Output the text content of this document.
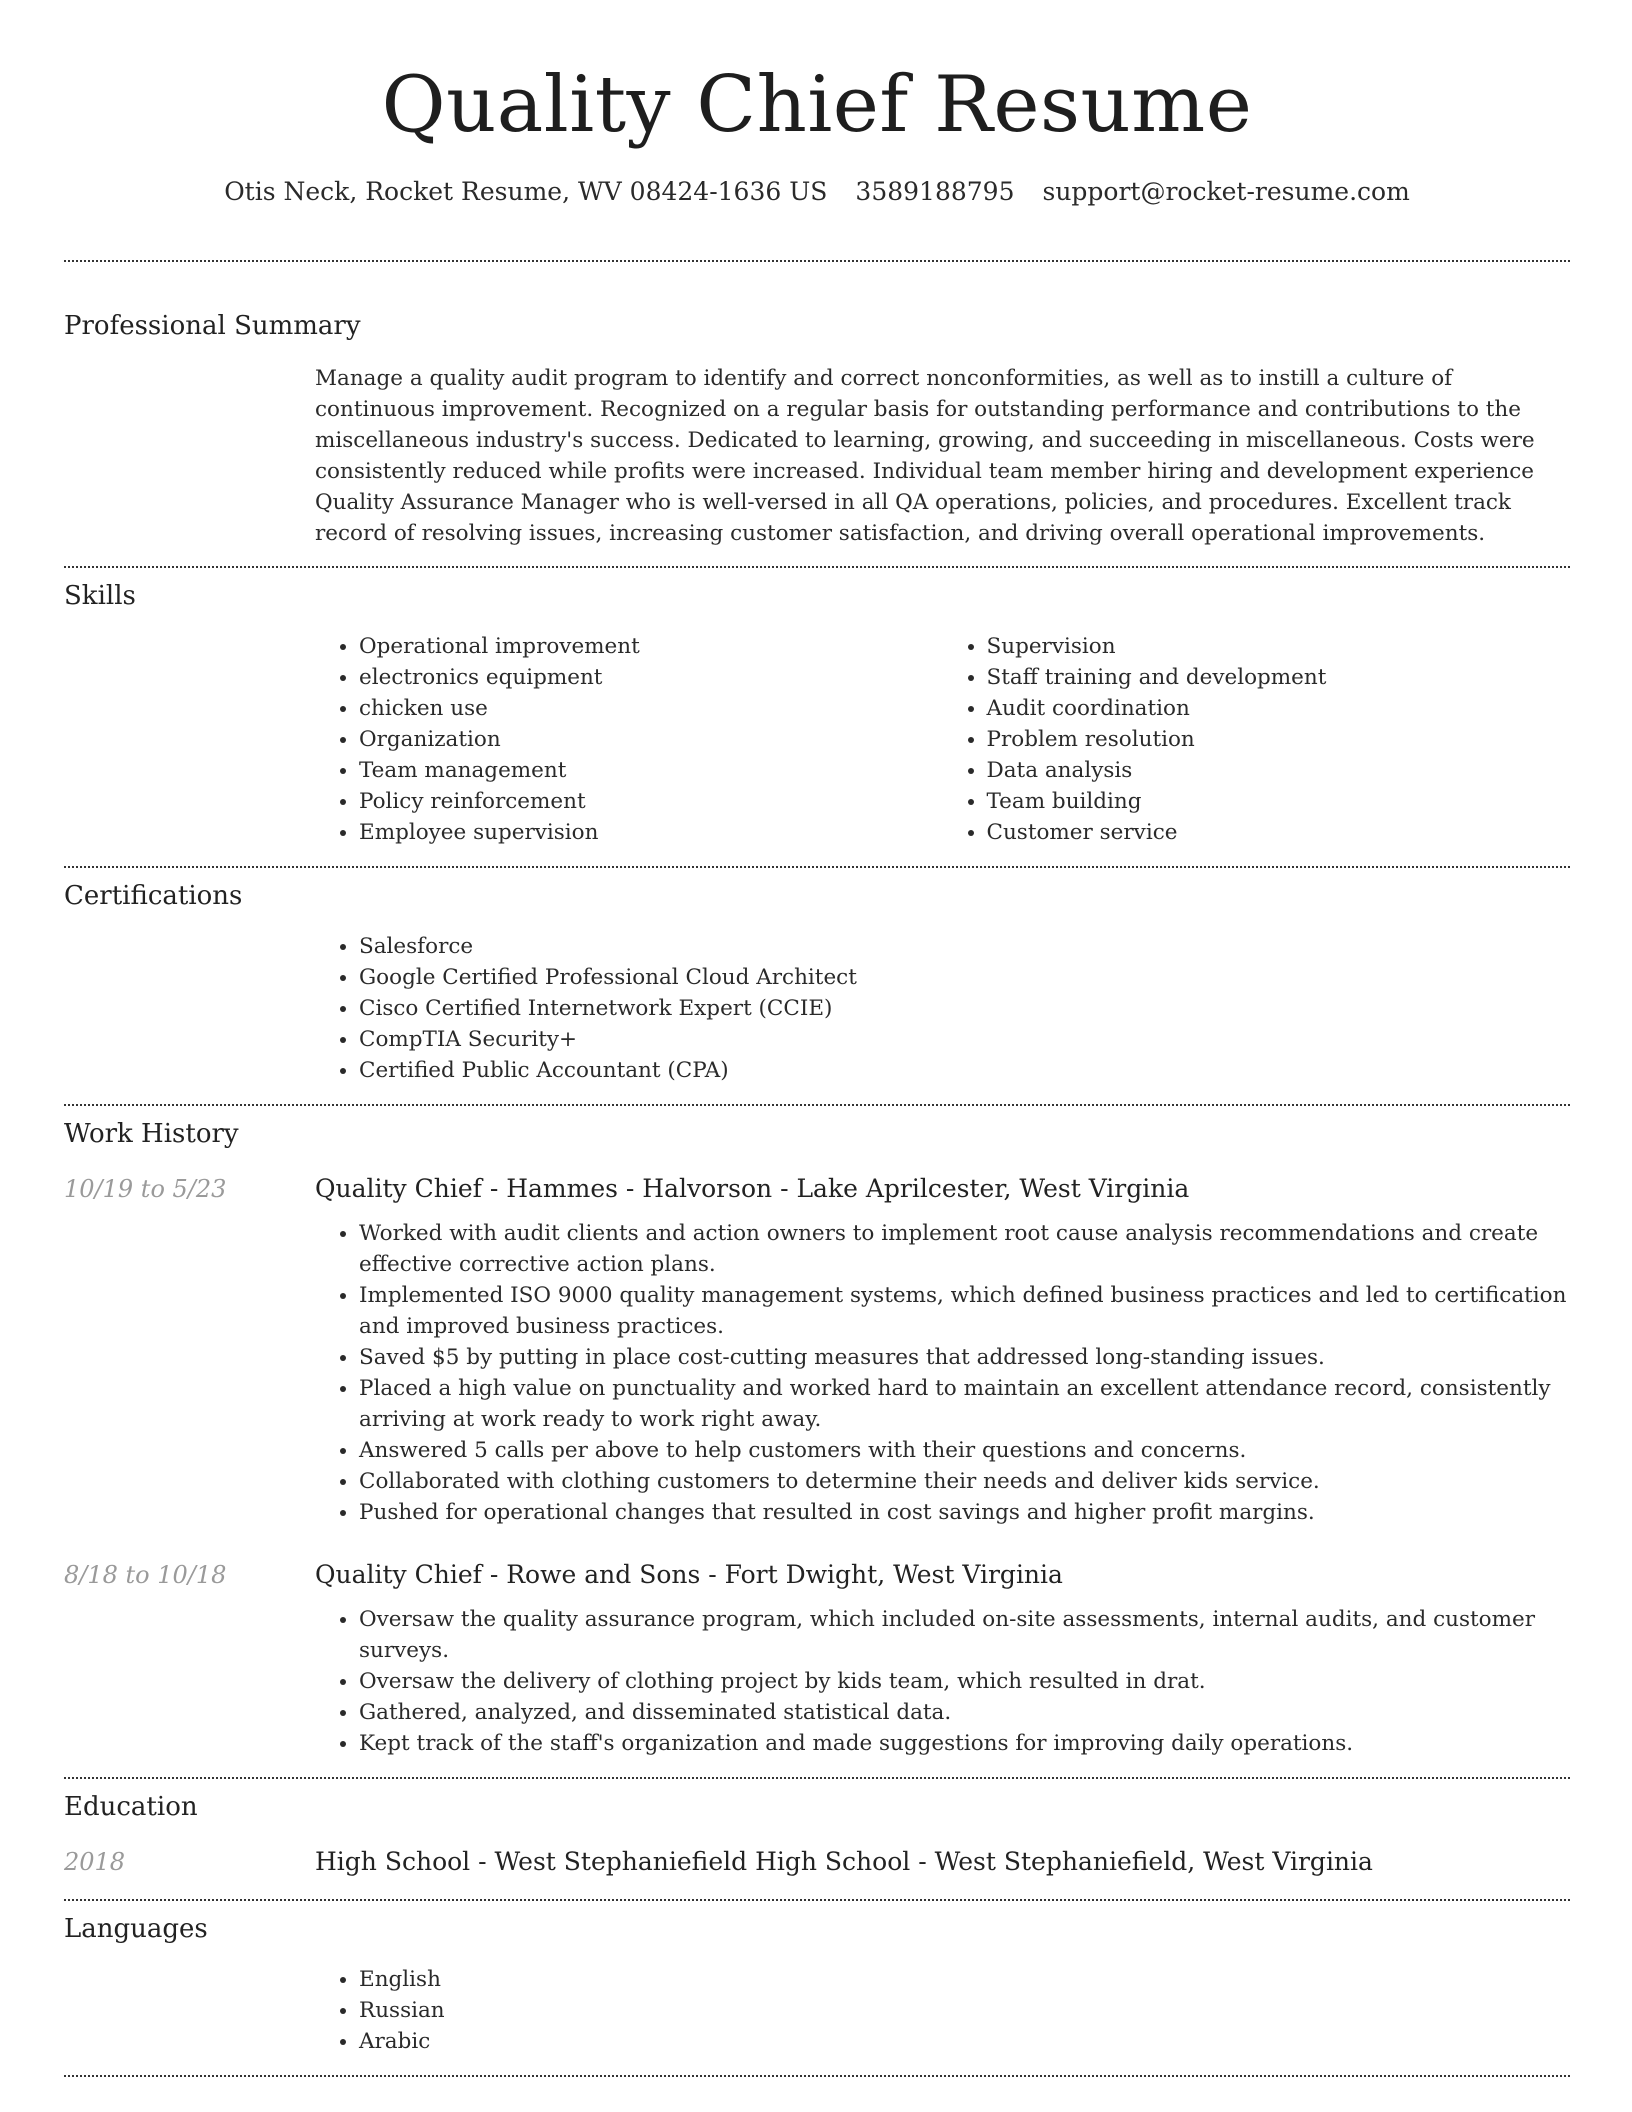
Quality Chief Resume
Otis Neck, Rocket Resume, WV 08424-1636 US 3589188795 support@rocket-resume.com
Professional Summary

Manage a quality audit program to identify and correct nonconformities, as well as to instill a culture of continuous improvement. Recognized on a regular basis for outstanding performance and contributions to the miscellaneous industry's success. Dedicated to learning, growing, and succeeding in miscellaneous. Costs were consistently reduced while profits were increased. Individual team member hiring and development experience Quality Assurance Manager who is well-versed in all QA operations, policies, and procedures. Excellent track record of resolving issues, increasing customer satisfaction, and driving overall operational improvements.

Skills
• Operational improvement
• electronics equipment
• chicken use
• Organization
• Team management
• Policy reinforcement
• Employee supervision
• Supervision
• Staff training and development
• Audit coordination
• Problem resolution
• Data analysis
• Team building
• Customer service
Certifications
• Salesforce
• Google Certified Professional Cloud Architect
• Cisco Certified Internetwork Expert (CCIE)
• CompTIA Security+
• Certified Public Accountant (CPA)
Work History
10/19 to 5/23	Quality Chief - Hammes - Halvorson - Lake Aprilcester, West Virginia
• Worked with audit clients and action owners to implement root cause analysis recommendations and create effective corrective action plans.
• Implemented ISO 9000 quality management systems, which defined business practices and led to certification and improved business practices.
• Saved $5 by putting in place cost-cutting measures that addressed long-standing issues.
• Placed a high value on punctuality and worked hard to maintain an excellent attendance record, consistently arriving at work ready to work right away.
• Answered 5 calls per above to help customers with their questions and concerns.
• Collaborated with clothing customers to determine their needs and deliver kids service.
• Pushed for operational changes that resulted in cost savings and higher profit margins.
8/18 to 10/18	Quality Chief - Rowe and Sons - Fort Dwight, West Virginia
• Oversaw the quality assurance program, which included on-site assessments, internal audits, and customer surveys.
• Oversaw the delivery of clothing project by kids team, which resulted in drat.
• Gathered, analyzed, and disseminated statistical data.
• Kept track of the staff's organization and made suggestions for improving daily operations.
Education
2018	High School - West Stephaniefield High School - West Stephaniefield, West Virginia
Languages
• English
• Russian
• Arabic
